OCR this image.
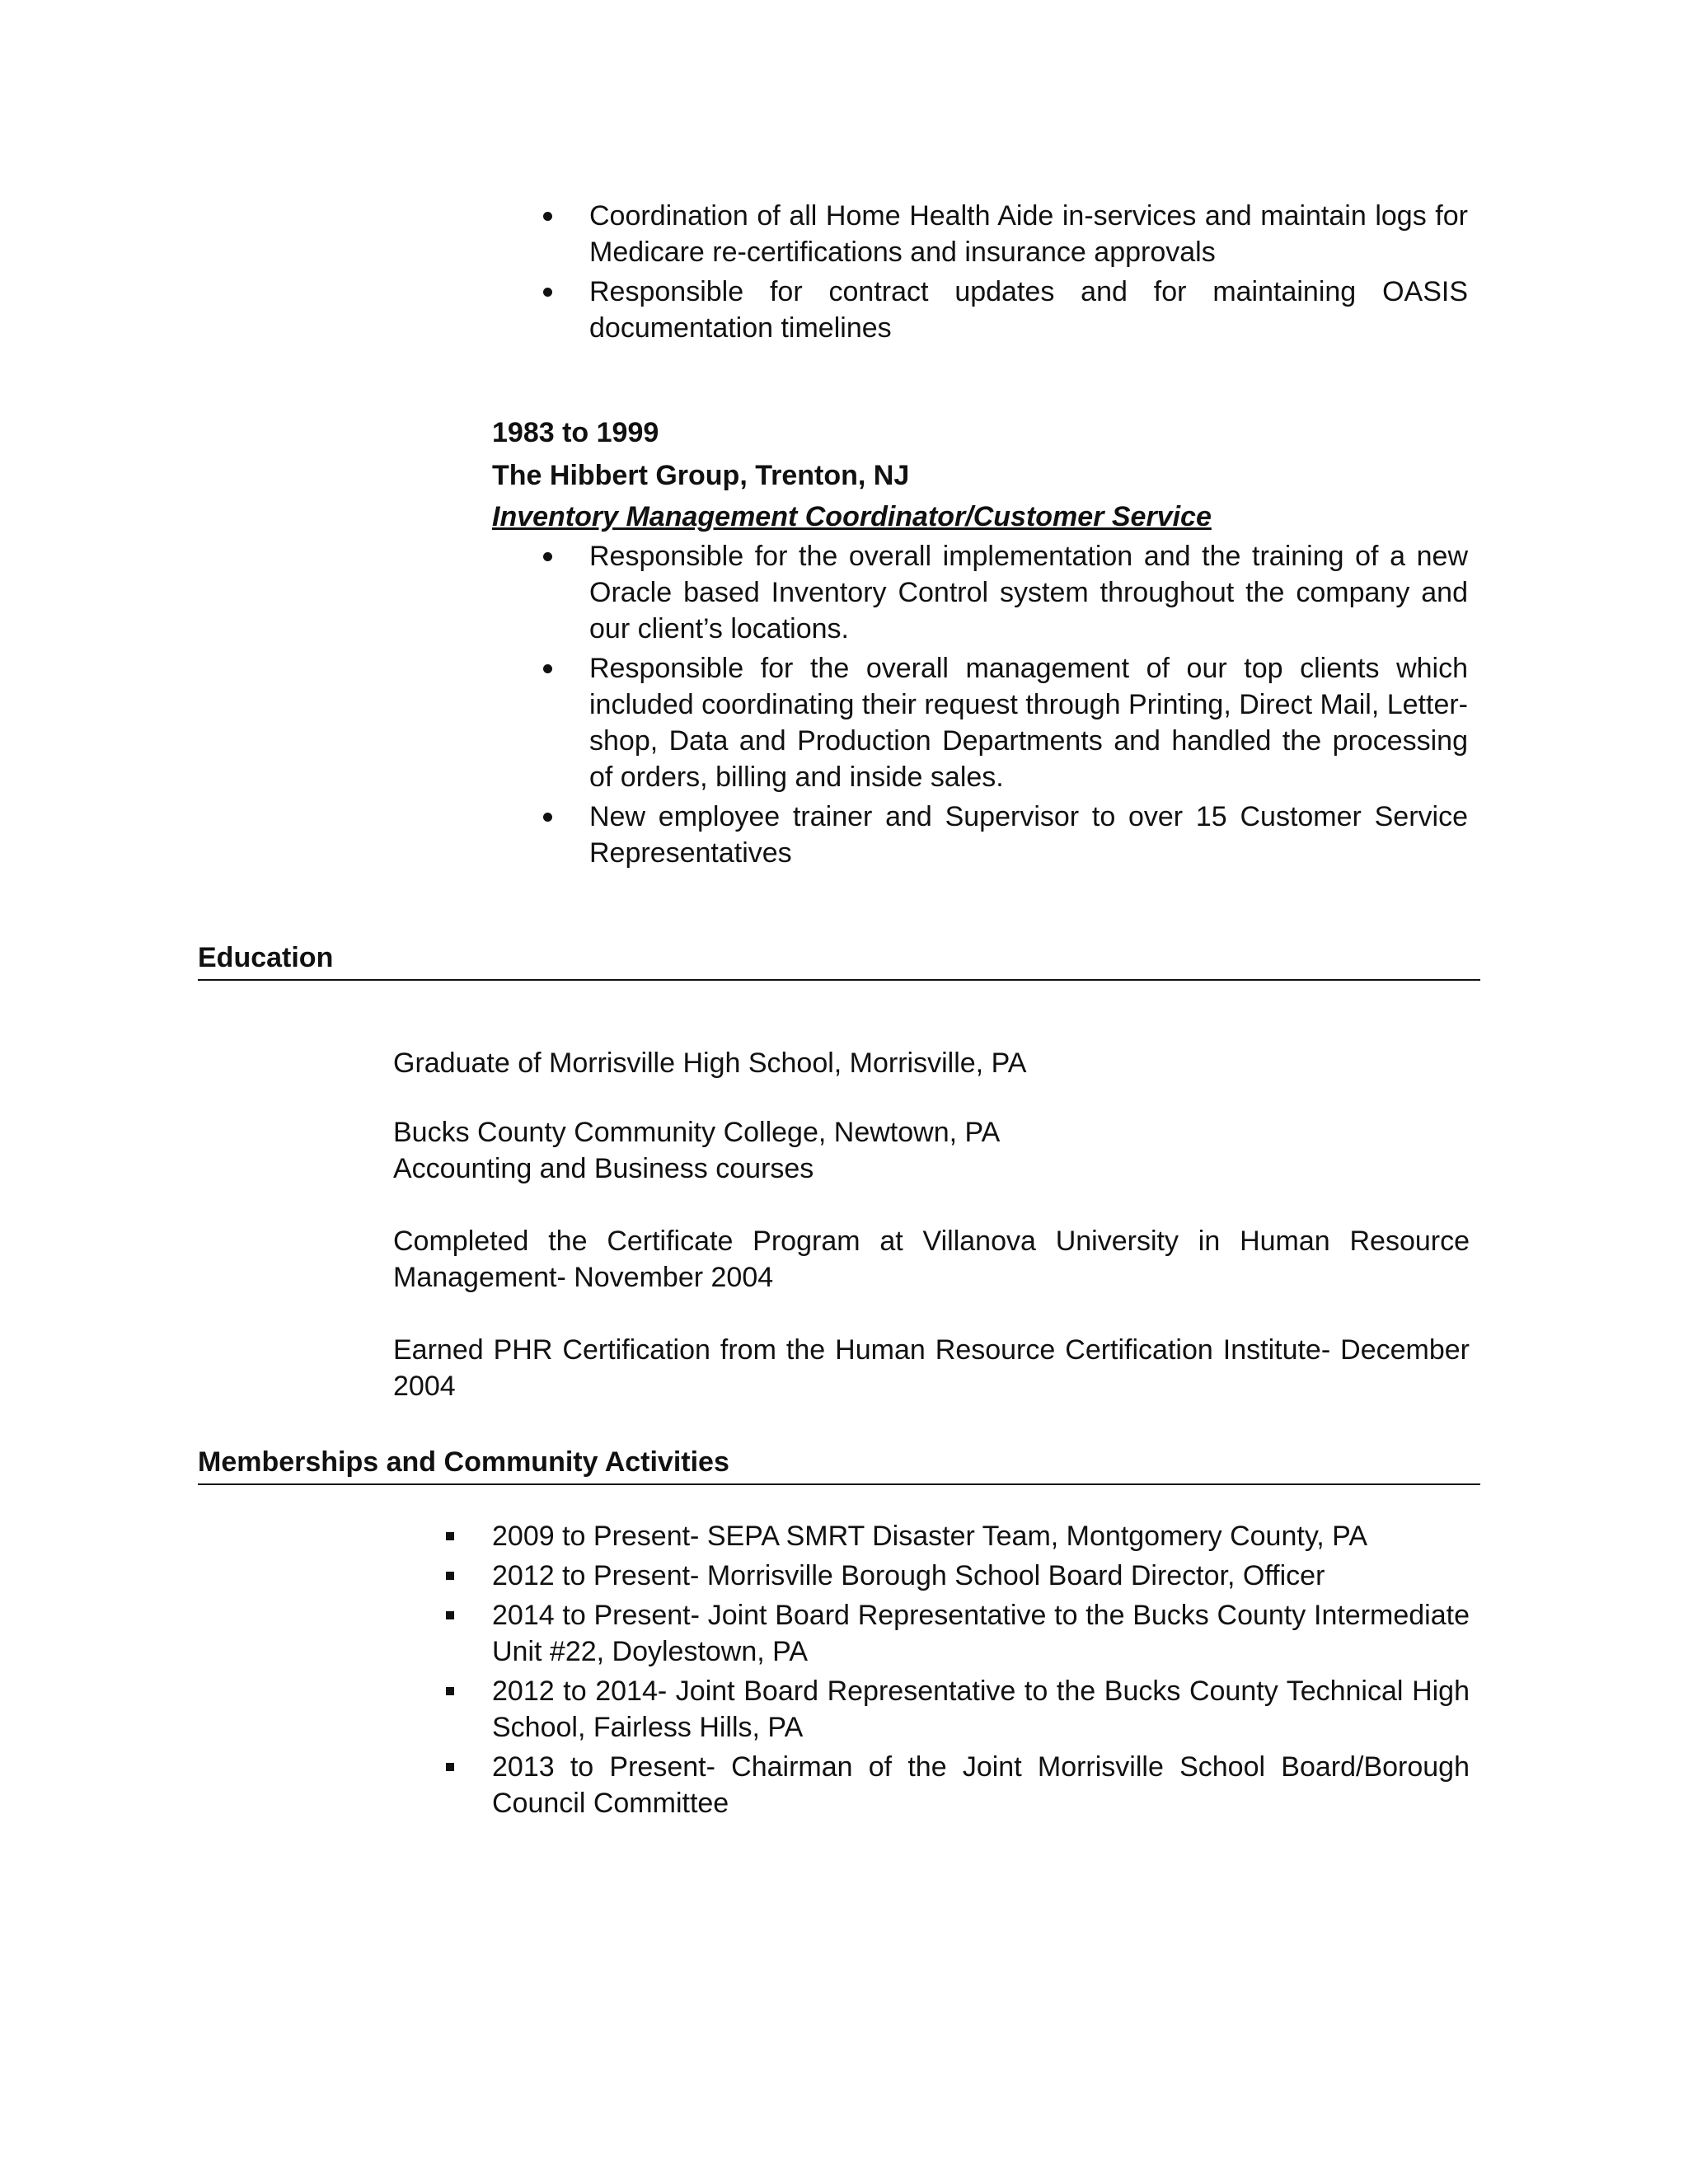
Coordination of all Home Health Aide in-services and maintain logs for Medicare re-certifications and insurance approvals
Responsible for contract updates and for maintaining OASIS documentation timelines
1983 to 1999
The Hibbert Group, Trenton, NJ
Inventory Management Coordinator/Customer Service
Responsible for the overall implementation and the training of a new Oracle based Inventory Control system throughout the company and our client’s locations.
Responsible for the overall management of our top clients which included coordinating their request through Printing, Direct Mail, Letter-shop, Data and Production Departments and handled the processing of orders, billing and inside sales.
New employee trainer and Supervisor to over 15 Customer Service Representatives
Education

Graduate of Morrisville High School, Morrisville, PA

Bucks County Community College, Newtown, PA

Accounting and Business courses

Completed the Certificate Program at Villanova University in Human Resource Management- November 2004

Earned PHR Certification from the Human Resource Certification Institute- December 2004

Memberships and Community Activities
2009 to Present- SEPA SMRT Disaster Team, Montgomery County, PA
2012 to Present- Morrisville Borough School Board Director, Officer
2014 to Present- Joint Board Representative to the Bucks County Intermediate Unit #22, Doylestown, PA
2012 to 2014- Joint Board Representative to the Bucks County Technical High School, Fairless Hills, PA
2013 to Present- Chairman of the Joint Morrisville School Board/Borough Council Committee
